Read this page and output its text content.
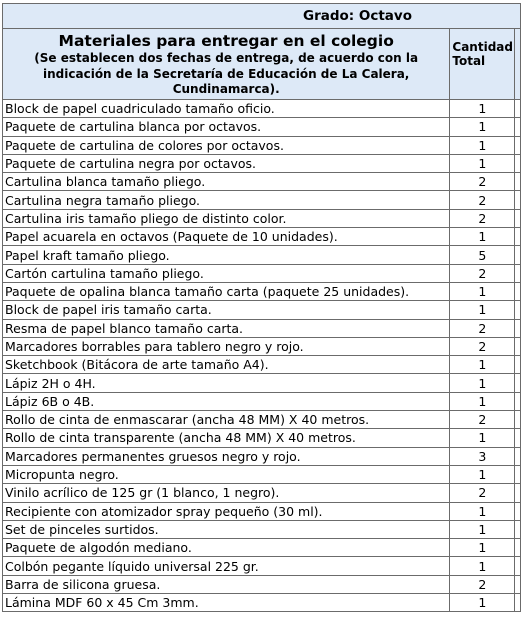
Grado: Octavo		

Materiales para entregar en el colegio
(Se establecen dos fechas de entrega, de acuerdo con la indicación de la Secretaría de Educación de La Calera, Cundinamarca).	Cantidad Total	

Block de papel cuadriculado tamaño oficio.	1	
Paquete de cartulina blanca por octavos.	1	
Paquete de cartulina de colores por octavos.	1	
Paquete de cartulina negra por octavos.	1	
Cartulina blanca tamaño pliego.	2	
Cartulina negra tamaño pliego.	2	
Cartulina iris tamaño pliego de distinto color.	2	
Papel acuarela en octavos (Paquete de 10 unidades).	1	
Papel kraft tamaño pliego.	5	
Cartón cartulina tamaño pliego.	2	
Paquete de opalina blanca tamaño carta (paquete 25 unidades).	1	
Block de papel iris tamaño carta.	1	
Resma de papel blanco tamaño carta.	2	
Marcadores borrables para tablero negro y rojo.	2	
Sketchbook (Bitácora de arte tamaño A4).	1	
Lápiz 2H o 4H.	1	
Lápiz 6B o 4B.	1	
Rollo de cinta de enmascarar (ancha 48 MM) X 40 metros.	2	
Rollo de cinta transparente (ancha 48 MM) X 40 metros.	1	
Marcadores permanentes gruesos negro y rojo.	3	
Micropunta negro.	1	
Vinilo acrílico de 125 gr (1 blanco, 1 negro).	2	
Recipiente con atomizador spray pequeño (30 ml).	1	
Set de pinceles surtidos.	1	
Paquete de algodón mediano.	1	
Colbón pegante líquido universal 225 gr.	1	
Barra de silicona gruesa.	2	
Lámina MDF 60 x 45 Cm 3mm.	1	
